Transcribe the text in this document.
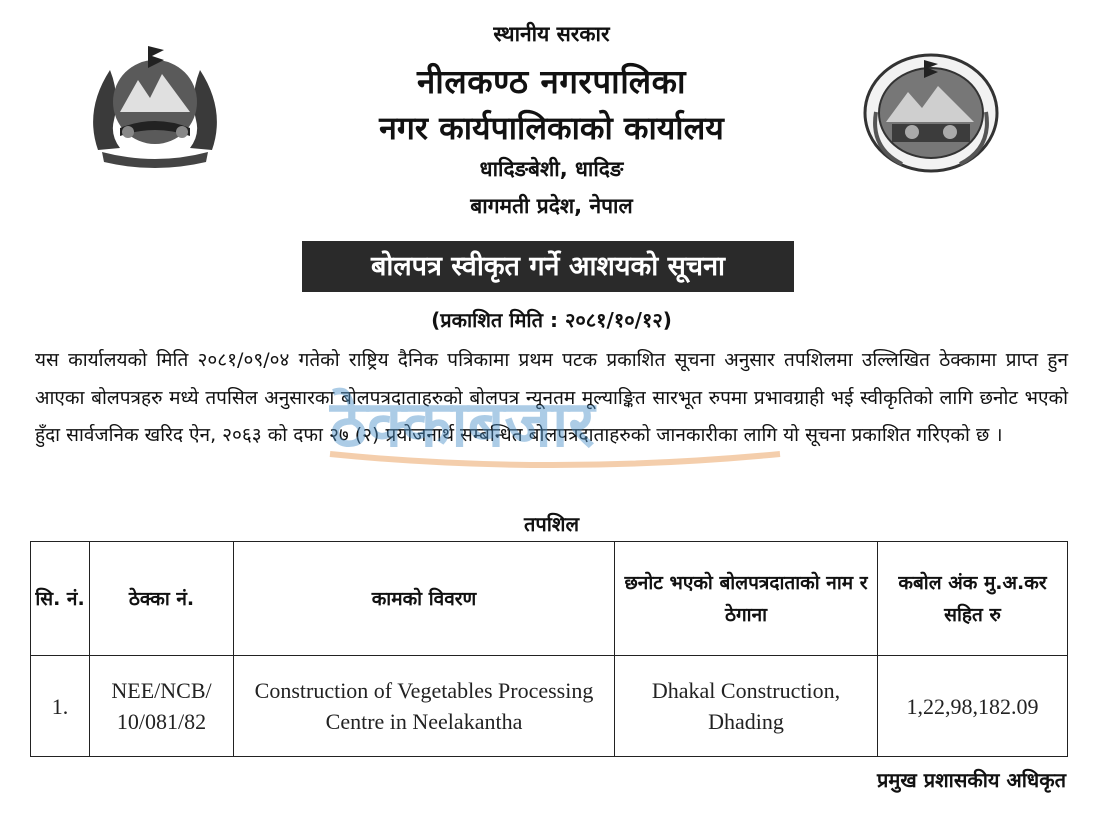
स्थानीय सरकार
नीलकण्ठ नगरपालिका
नगर कार्यपालिकाको कार्यालय
धादिङबेशी, धादिङ
बागमती प्रदेश, नेपाल
बोलपत्र स्वीकृत गर्ने आशयको सूचना
(प्रकाशित मिति : २०८१/१०/१२)
यस कार्यालयको मिति २०८१/०९/०४ गतेको राष्ट्रिय दैनिक पत्रिकामा प्रथम पटक प्रकाशित सूचना अनुसार तपशिलमा उल्लिखित ठेक्कामा प्राप्त हुन आएका बोलपत्रहरु मध्ये तपसिल अनुसारका बोलपत्रदाताहरुको बोलपत्र न्यूनतम मूल्याङ्कित सारभूत रुपमा प्रभावग्राही भई स्वीकृतिको लागि छनोट भएको हुँदा सार्वजनिक खरिद ऐन, २०६३ को दफा २७ (२) प्रयोजनार्थ सम्बन्धित बोलपत्रदाताहरुको जानकारीका लागि यो सूचना प्रकाशित गरिएको छ ।
ठेक्काबजार
तपशिल
सि. नं.	ठेक्का नं.	कामको विवरण	छनोट भएको बोलपत्रदाताको नाम र ठेगाना	कबोल अंक मु.अ.कर सहित रु
1.	NEE/NCB/ 10/081/82	Construction of Vegetables Processing Centre in Neelakantha	Dhakal Construction, Dhading	1,22,98,182.09
प्रमुख प्रशासकीय अधिकृत
